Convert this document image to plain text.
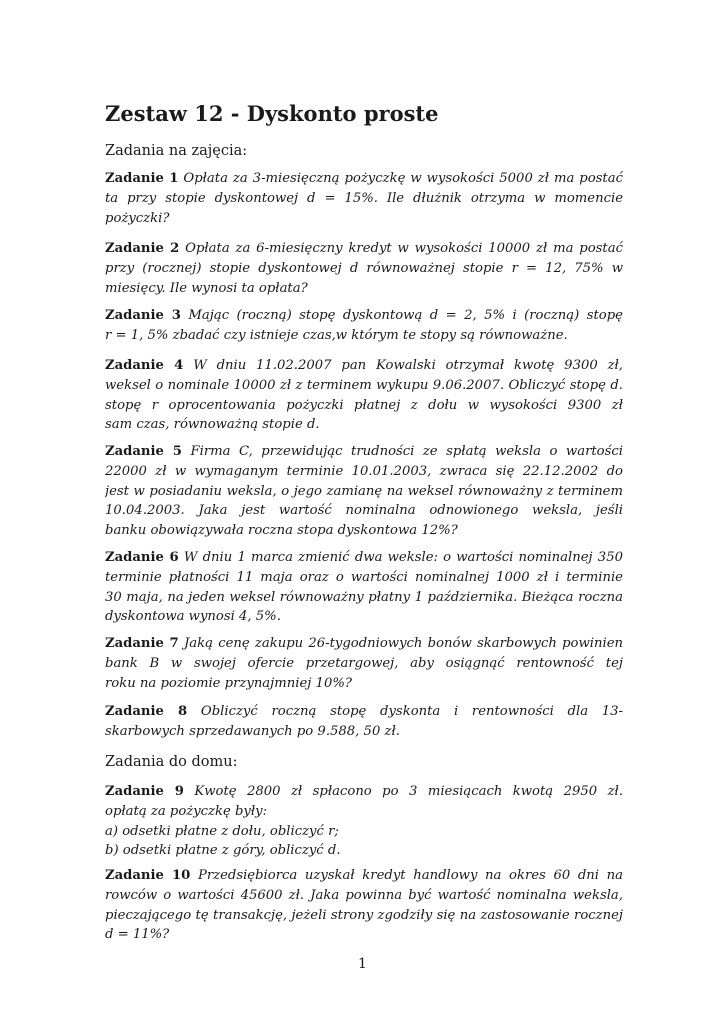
Zestaw 12 - Dyskonto proste

Zadania na zajęcia:

Zadanie 1 Opłata za 3-miesięczną pożyczkę w wysokości 5000 zł ma postać
ta przy stopie dyskontowej d = 15%. Ile dłużnik otrzyma w momencie
pożyczki?
Zadanie 2 Opłata za 6-miesięczny kredyt w wysokości 10000 zł ma postać
przy (rocznej) stopie dyskontowej d równoważnej stopie r = 12, 75% w
miesięcy. Ile wynosi ta opłata?
Zadanie 3 Mając (roczną) stopę dyskontową d = 2, 5% i (roczną) stopę
r = 1, 5% zbadać czy istnieje czas,w którym te stopy są równoważne.
Zadanie 4 W dniu 11.02.2007 pan Kowalski otrzymał kwotę 9300 zł,
weksel o nominale 10000 zł z terminem wykupu 9.06.2007. Obliczyć stopę d.
stopę r oprocentowania pożyczki płatnej z dołu w wysokości 9300 zł
sam czas, równoważną stopie d.
Zadanie 5 Firma C, przewidując trudności ze spłatą weksla o wartości
22000 zł w wymaganym terminie 10.01.2003, zwraca się 22.12.2002 do
jest w posiadaniu weksla, o jego zamianę na weksel równoważny z terminem
10.04.2003. Jaka jest wartość nominalna odnowionego weksla, jeśli
banku obowiązywała roczna stopa dyskontowa 12%?
Zadanie 6 W dniu 1 marca zmienić dwa weksle: o wartości nominalnej 350
terminie płatności 11 maja oraz o wartości nominalnej 1000 zł i terminie
30 maja, na jeden weksel równoważny płatny 1 października. Bieżąca roczna
dyskontowa wynosi 4, 5%.
Zadanie 7 Jaką cenę zakupu 26-tygodniowych bonów skarbowych powinien
bank B w swojej ofercie przetargowej, aby osiągnąć rentowność tej
roku na poziomie przynajmniej 10%?
Zadanie 8 Obliczyć roczną stopę dyskonta i rentowności dla 13-
skarbowych sprzedawanych po 9.588, 50 zł.

Zadania do domu:

Zadanie 9 Kwotę 2800 zł spłacono po 3 miesiącach kwotą 2950 zł.
opłatą za pożyczkę były:
a) odsetki płatne z dołu, obliczyć r;
b) odsetki płatne z góry, obliczyć d.
Zadanie 10 Przedsiębiorca uzyskał kredyt handlowy na okres 60 dni na
rowców o wartości 45600 zł. Jaka powinna być wartość nominalna weksla,
pieczającego tę transakcję, jeżeli strony zgodziły się na zastosowanie rocznej
d = 11%?
1
